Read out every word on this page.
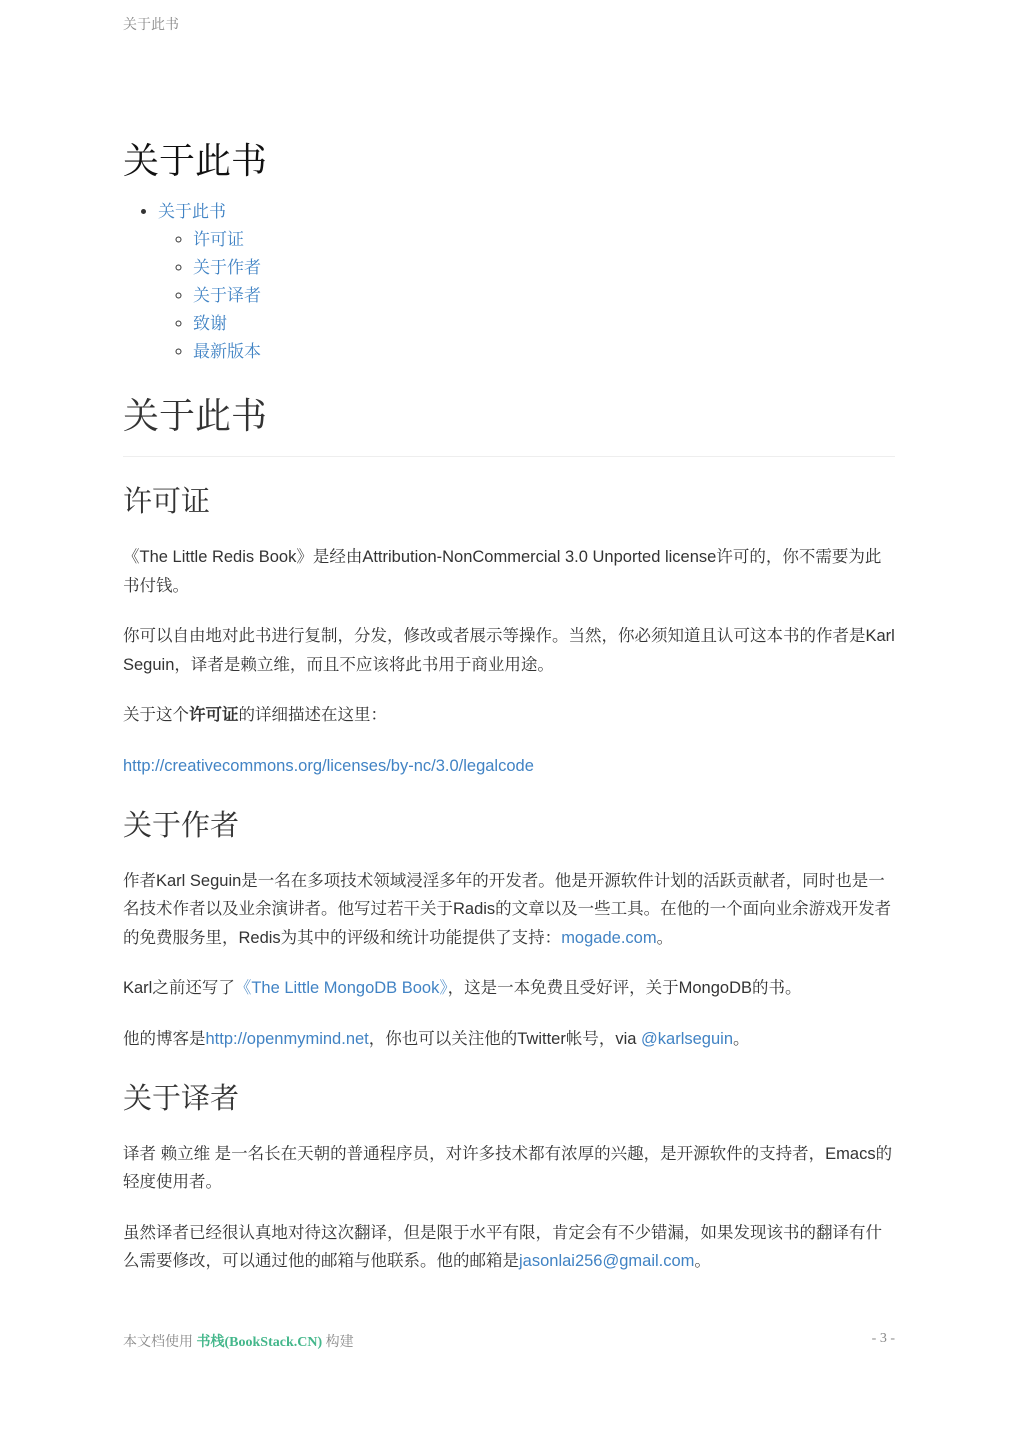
关于此书
关于此书
• 关于此书
◦ 许可证
◦ 关于作者
◦ 关于译者
◦ 致谢
◦ 最新版本
关于此书
许可证

《The Little Redis Book》是经由Attribution-NonCommercial 3.0 Unported license许可的，你不需要为此书付钱。

你可以自由地对此书进行复制，分发，修改或者展示等操作。当然，你必须知道且认可这本书的作者是Karl Seguin，译者是赖立维，而且不应该将此书用于商业用途。

关于这个许可证的详细描述在这里：

http://creativecommons.org/licenses/by-nc/3.0/legalcode

关于作者

作者Karl Seguin是一名在多项技术领域浸淫多年的开发者。他是开源软件计划的活跃贡献者，同时也是一名技术作者以及业余演讲者。他写过若干关于Radis的文章以及一些工具。在他的一个面向业余游戏开发者的免费服务里，Redis为其中的评级和统计功能提供了支持：mogade.com。

Karl之前还写了《The Little MongoDB Book》，这是一本免费且受好评，关于MongoDB的书。

他的博客是http://openmymind.net，你也可以关注他的Twitter帐号，via @karlseguin。

关于译者

译者 赖立维 是一名长在天朝的普通程序员，对许多技术都有浓厚的兴趣，是开源软件的支持者，Emacs的轻度使用者。

虽然译者已经很认真地对待这次翻译，但是限于水平有限，肯定会有不少错漏，如果发现该书的翻译有什么需要修改，可以通过他的邮箱与他联系。他的邮箱是jasonlai256@gmail.com。

本文档使用 书栈(BookStack.CN) 构建	- 3 -
